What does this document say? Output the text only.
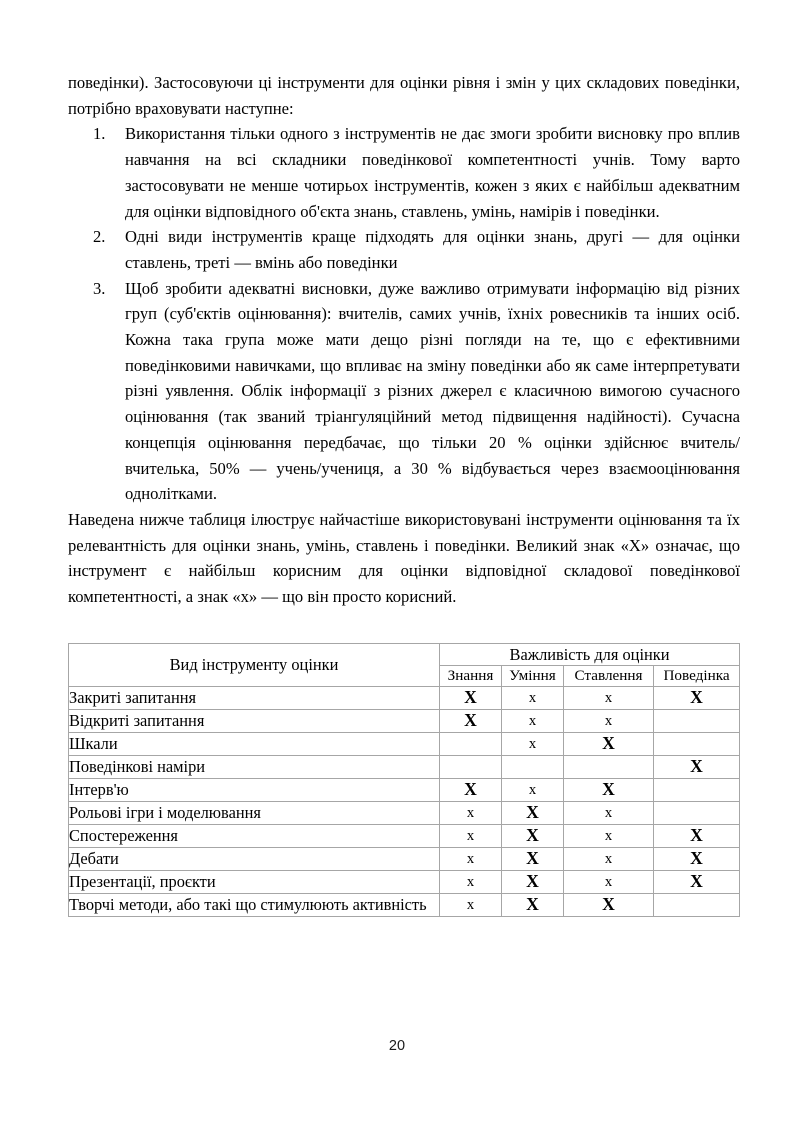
поведінки). Застосовуючи ці інструменти для оцінки рівня і змін у цих складових поведінки, потрібно враховувати наступне:

Використання тільки одного з інструментів не дає змоги зробити висновку про вплив навчання на всі складники поведінкової компетентності учнів. Тому варто застосовувати не менше чотирьох інструментів, кожен з яких є найбільш адекватним для оцінки відповідного об'єкта знань, ставлень, умінь, намірів і поведінки.
Одні види інструментів краще підходять для оцінки знань, другі — для оцінки ставлень, треті — вмінь або поведінки
Щоб зробити адекватні висновки, дуже важливо отримувати інформацію від різних груп (суб'єктів оцінювання): вчителів, самих учнів, їхніх ровесників та інших осіб. Кожна така група може мати дещо різні погляди на те, що є ефективними поведінковими навичками, що впливає на зміну поведінки або як саме інтерпретувати різні уявлення. Облік інформації з різних джерел є класичною вимогою сучасного оцінювання (так званий тріангуляційний метод підвищення надійності). Сучасна концепція оцінювання передбачає, що тільки 20 % оцінки здійснює вчитель/вчителька, 50% — учень/учениця, а 30 % відбувається через взаємооцінювання однолітками.

Наведена нижче таблиця ілюструє найчастіше використовувані інструменти оцінювання та їх релевантність для оцінки знань, умінь, ставлень і поведінки. Великий знак «Х» означає, що інструмент є найбільш корисним для оцінки відповідної складової поведінкової компетентності, а знак «х» — що він просто корисний.

Вид інструменту оцінки	Важливість для оцінки			
	Знання	Уміння	Ставлення	Поведінка
Закриті запитання	Х	х	х	Х
Відкриті запитання	Х	х	х	
Шкали		х	Х	
Поведінкові наміри				Х
Інтерв'ю	Х	х	Х	
Рольові ігри і моделювання	х	Х	х	
Спостереження	х	Х	х	Х
Дебати	х	Х	х	Х
Презентації, проєкти	х	Х	х	Х
Творчі методи, або такі що стимулюють активність	х	Х	Х	
20
